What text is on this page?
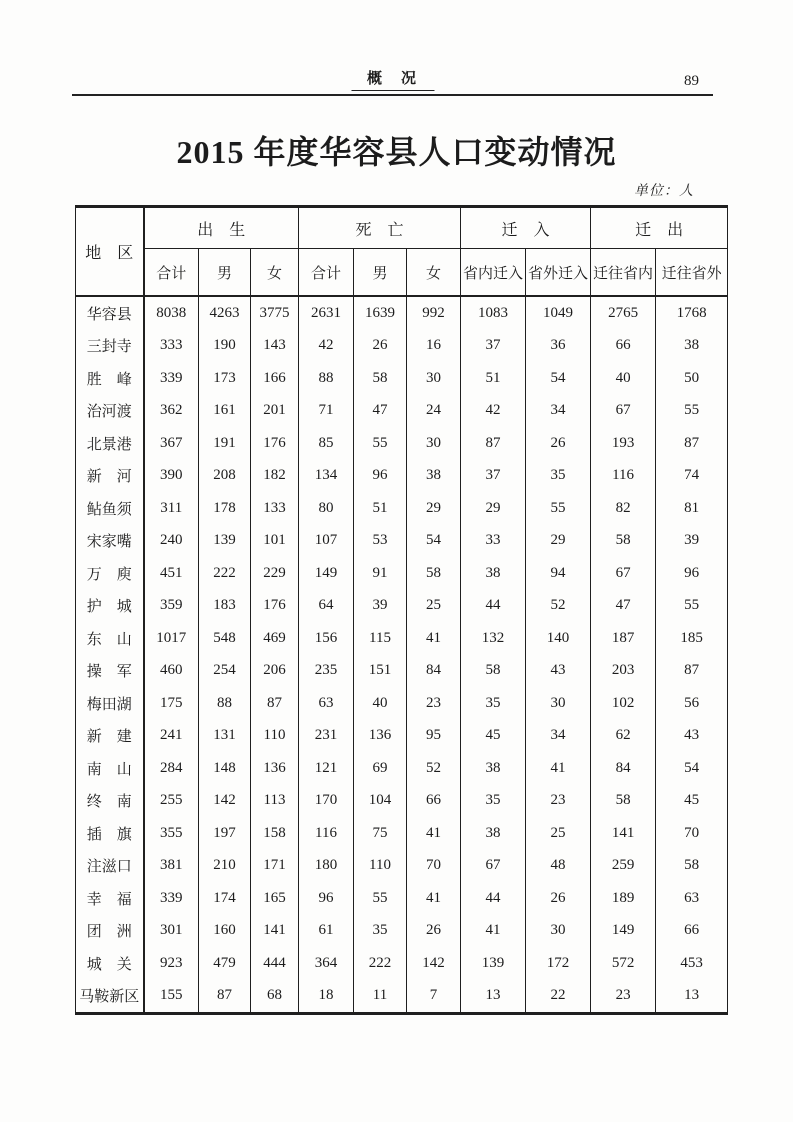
概　况	89
2015 年度华容县人口变动情况
单位：人
地　区	出　生			死　亡			迁　入		迁　出	
	合计	男	女	合计	男	女	省内迁入	省外迁入	迁往省内	迁往省外
华容县	8038	4263	3775	2631	1639	992	1083	1049	2765	1768
三封寺	333	190	143	42	26	16	37	36	66	38
胜　峰	339	173	166	88	58	30	51	54	40	50
治河渡	362	161	201	71	47	24	42	34	67	55
北景港	367	191	176	85	55	30	87	26	193	87
新　河	390	208	182	134	96	38	37	35	116	74
鲇鱼须	311	178	133	80	51	29	29	55	82	81
宋家嘴	240	139	101	107	53	54	33	29	58	39
万　庾	451	222	229	149	91	58	38	94	67	96
护　城	359	183	176	64	39	25	44	52	47	55
东　山	1017	548	469	156	115	41	132	140	187	185
操　军	460	254	206	235	151	84	58	43	203	87
梅田湖	175	88	87	63	40	23	35	30	102	56
新　建	241	131	110	231	136	95	45	34	62	43
南　山	284	148	136	121	69	52	38	41	84	54
终　南	255	142	113	170	104	66	35	23	58	45
插　旗	355	197	158	116	75	41	38	25	141	70
注滋口	381	210	171	180	110	70	67	48	259	58
幸　福	339	174	165	96	55	41	44	26	189	63
团　洲	301	160	141	61	35	26	41	30	149	66
城　关	923	479	444	364	222	142	139	172	572	453
马鞍新区	155	87	68	18	11	7	13	22	23	13
